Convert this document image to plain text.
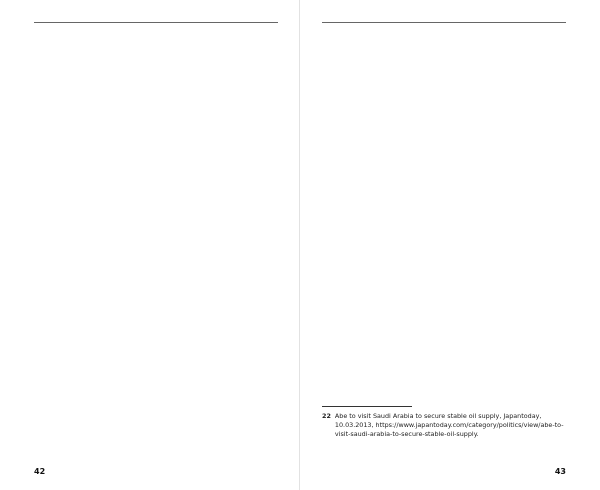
42

22 Abe to visit Saudi Arabia to secure stable oil supply, Japantoday, 10.03.2013, https://www.japantoday.com/category/politics/view/abe-to-visit-saudi-arabia-to-secure-stable-oil-supply.
43
